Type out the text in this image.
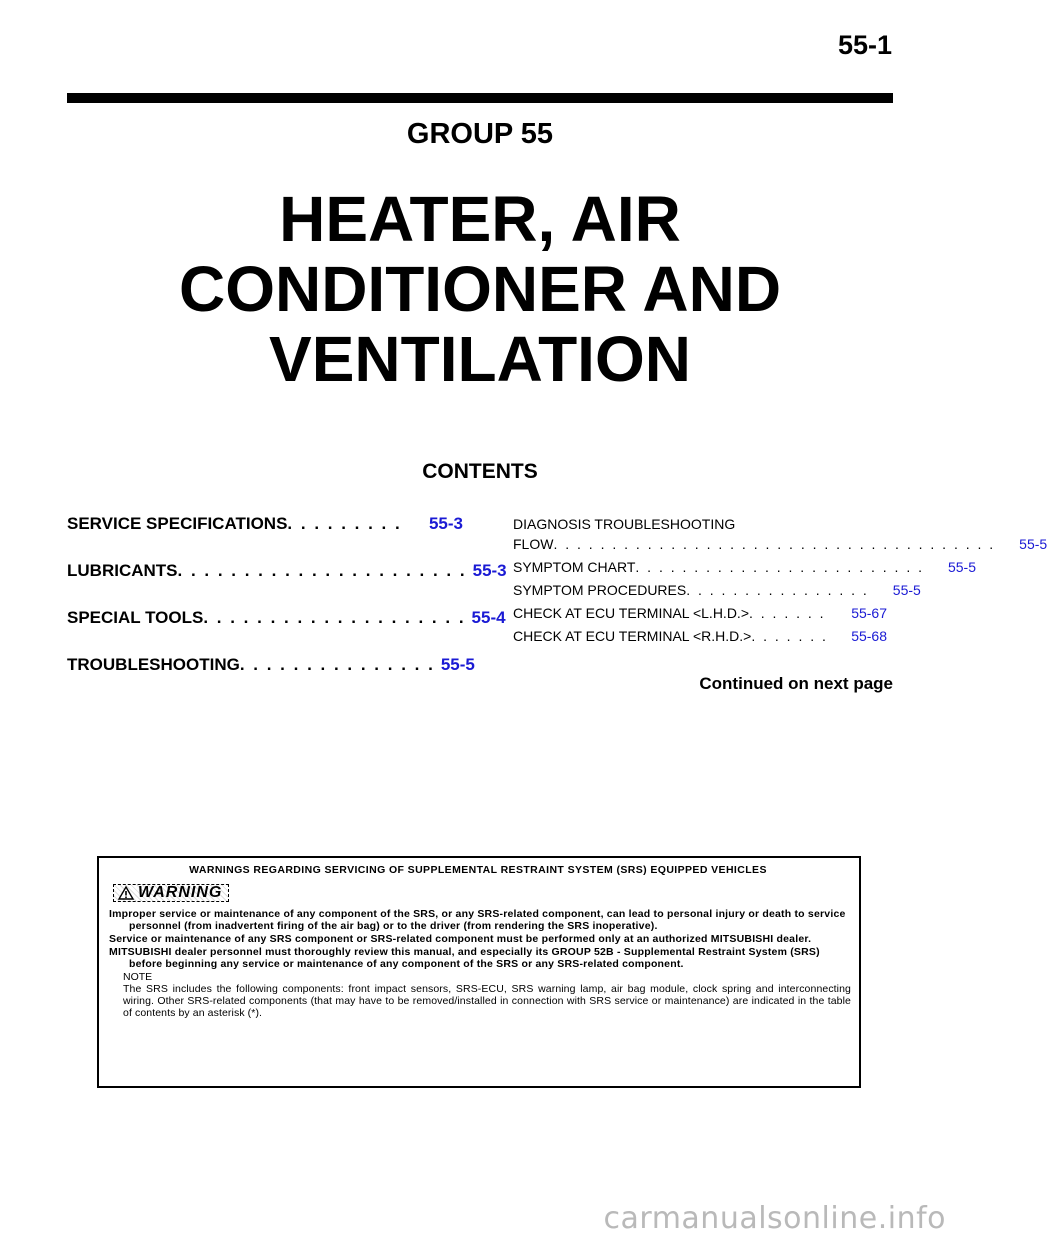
55-1
GROUP 55
HEATER, AIR
CONDITIONER AND
VENTILATION
CONTENTS
SERVICE SPECIFICATIONS . . . . . . . . .	55-3
LUBRICANTS . . . . . . . . . . . . . . . . . . . . . . 55-3
SPECIAL TOOLS . . . . . . . . . . . . . . . . . . . . 55-4
TROUBLESHOOTING . . . . . . . . . . . . . . . 55-5
DIAGNOSIS TROUBLESHOOTING
FLOW . . . . . . . . . . . . . . . . . . . . . . . . . . . . . . . . . . . . . .	55-5
SYMPTOM CHART . . . . . . . . . . . . . . . . . . . . . . . . .	55-5
SYMPTOM PROCEDURES . . . . . . . . . . . . . . . .	55-5
CHECK AT ECU TERMINAL <L.H.D.> . . . . . . .	55-67
CHECK AT ECU TERMINAL <R.H.D.> . . . . . . .	55-68
Continued on next page
WARNINGS REGARDING SERVICING OF SUPPLEMENTAL RESTRAINT SYSTEM (SRS) EQUIPPED VEHICLES
WARNING
Improper service or maintenance of any component of the SRS, or any SRS-related component, can lead to personal injury or death to service personnel (from inadvertent firing of the air bag) or to the driver (from rendering the SRS inoperative).
Service or maintenance of any SRS component or SRS-related component must be performed only at an authorized MITSUBISHI dealer.
MITSUBISHI dealer personnel must thoroughly review this manual, and especially its GROUP 52B - Supplemental Restraint System (SRS) before beginning any service or maintenance of any component of the SRS or any SRS-related component.
NOTE
The SRS includes the following components: front impact sensors, SRS-ECU, SRS warning lamp, air bag module, clock spring and interconnecting wiring. Other SRS-related components (that may have to be removed/installed in connection with SRS service or maintenance) are indicated in the table of contents by an asterisk (*).
carmanualsonline.info
